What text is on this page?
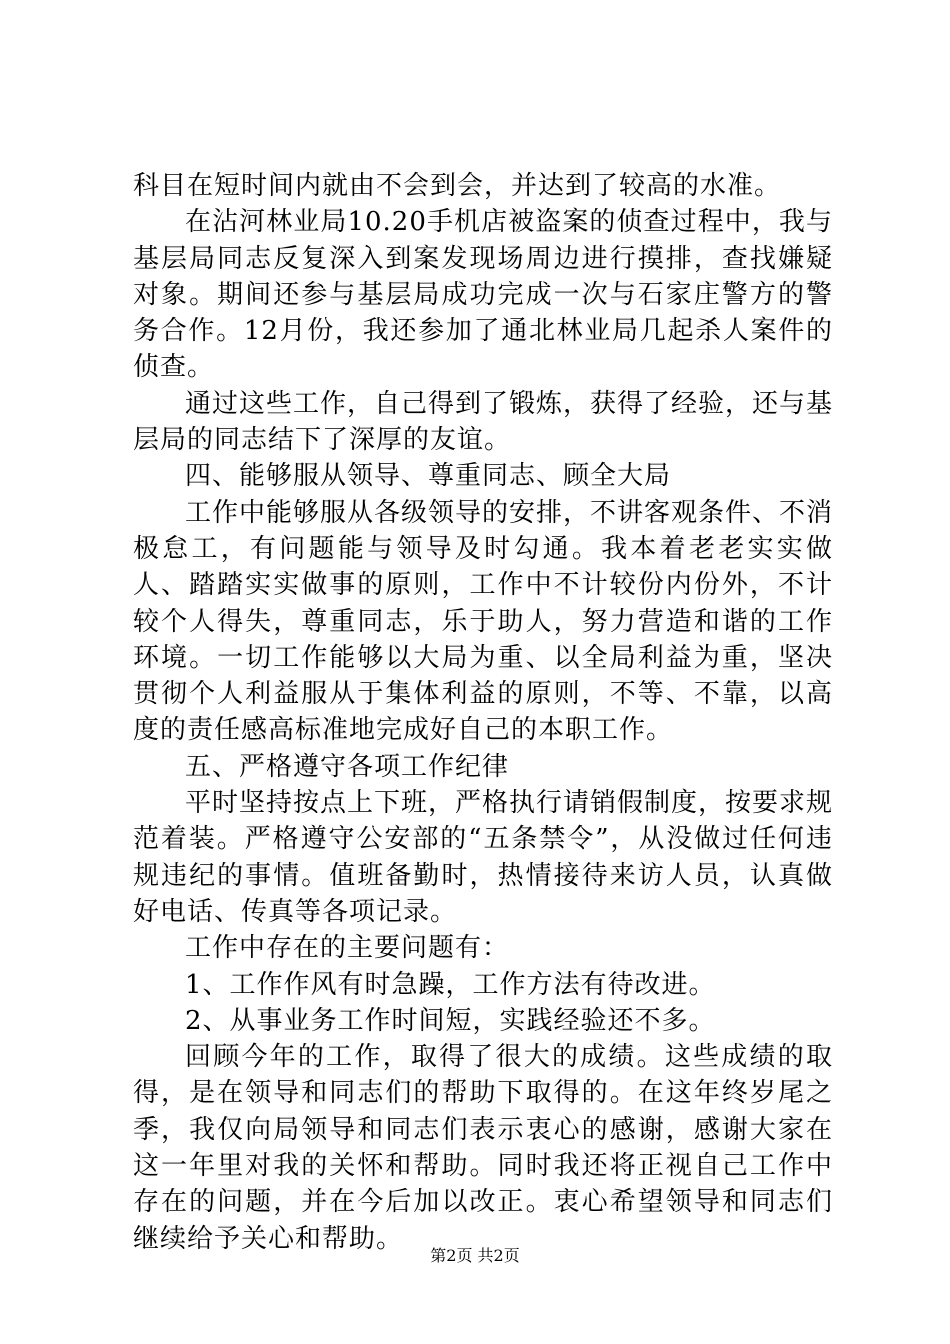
科目在短时间内就由不会到会，并达到了较高的水准。

在沾河林业局10.20手机店被盗案的侦查过程中，我与基层局同志反复深入到案发现场周边进行摸排，查找嫌疑对象。期间还参与基层局成功完成一次与石家庄警方的警务合作。12月份，我还参加了通北林业局几起杀人案件的侦查。

通过这些工作，自己得到了锻炼，获得了经验，还与基层局的同志结下了深厚的友谊。

四、能够服从领导、尊重同志、顾全大局

工作中能够服从各级领导的安排，不讲客观条件、不消极怠工，有问题能与领导及时勾通。我本着老老实实做人、踏踏实实做事的原则，工作中不计较份内份外，不计较个人得失，尊重同志，乐于助人，努力营造和谐的工作环境。一切工作能够以大局为重、以全局利益为重，坚决贯彻个人利益服从于集体利益的原则，不等、不靠，以高度的责任感高标准地完成好自己的本职工作。

五、严格遵守各项工作纪律

平时坚持按点上下班，严格执行请销假制度，按要求规范着装。严格遵守公安部的“五条禁令”，从没做过任何违规违纪的事情。值班备勤时，热情接待来访人员，认真做好电话、传真等各项记录。

工作中存在的主要问题有：

1、工作作风有时急躁，工作方法有待改进。

2、从事业务工作时间短，实践经验还不多。

回顾今年的工作，取得了很大的成绩。这些成绩的取得，是在领导和同志们的帮助下取得的。在这年终岁尾之季，我仅向局领导和同志们表示衷心的感谢，感谢大家在这一年里对我的关怀和帮助。同时我还将正视自己工作中存在的问题，并在今后加以改正。衷心希望领导和同志们继续给予关心和帮助。

第2页 共2页
